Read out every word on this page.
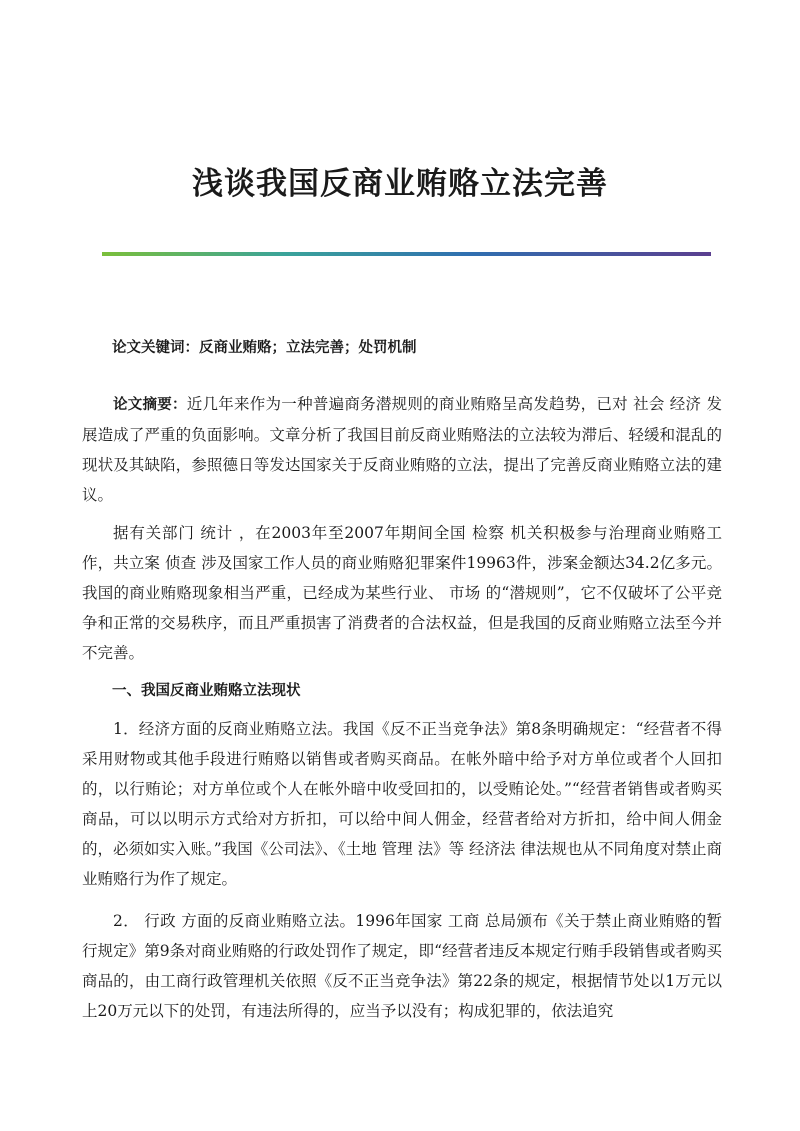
浅谈我国反商业贿赂立法完善
论文关键词：反商业贿赂；立法完善；处罚机制

论文摘要：近几年来作为一种普遍商务潜规则的商业贿赂呈高发趋势，已对 社会 经济 发展造成了严重的负面影响。文章分析了我国目前反商业贿赂法的立法较为滞后、轻缓和混乱的现状及其缺陷，参照德日等发达国家关于反商业贿赂的立法，提出了完善反商业贿赂立法的建议。

据有关部门 统计 ，在2003年至2007年期间全国 检察 机关积极参与治理商业贿赂工作，共立案 侦查 涉及国家工作人员的商业贿赂犯罪案件19963件，涉案金额达34.2亿多元。我国的商业贿赂现象相当严重，已经成为某些行业、 市场 的“潜规则”，它不仅破坏了公平竞争和正常的交易秩序，而且严重损害了消费者的合法权益，但是我国的反商业贿赂立法至今并不完善。

一、我国反商业贿赂立法现状

1．经济方面的反商业贿赂立法。我国《反不正当竞争法》第8条明确规定：“经营者不得采用财物或其他手段进行贿赂以销售或者购买商品。在帐外暗中给予对方单位或者个人回扣的，以行贿论；对方单位或个人在帐外暗中收受回扣的，以受贿论处。”“经营者销售或者购买商品，可以以明示方式给对方折扣，可以给中间人佣金，经营者给对方折扣，给中间人佣金的，必须如实入账。”我国《公司法》、《土地 管理 法》等 经济法 律法规也从不同角度对禁止商业贿赂行为作了规定。

2． 行政 方面的反商业贿赂立法。1996年国家 工商 总局颁布《关于禁止商业贿赂的暂行规定》第9条对商业贿赂的行政处罚作了规定，即“经营者违反本规定行贿手段销售或者购买商品的，由工商行政管理机关依照《反不正当竞争法》第22条的规定，根据情节处以1万元以上20万元以下的处罚，有违法所得的，应当予以没有；构成犯罪的，依法追究
